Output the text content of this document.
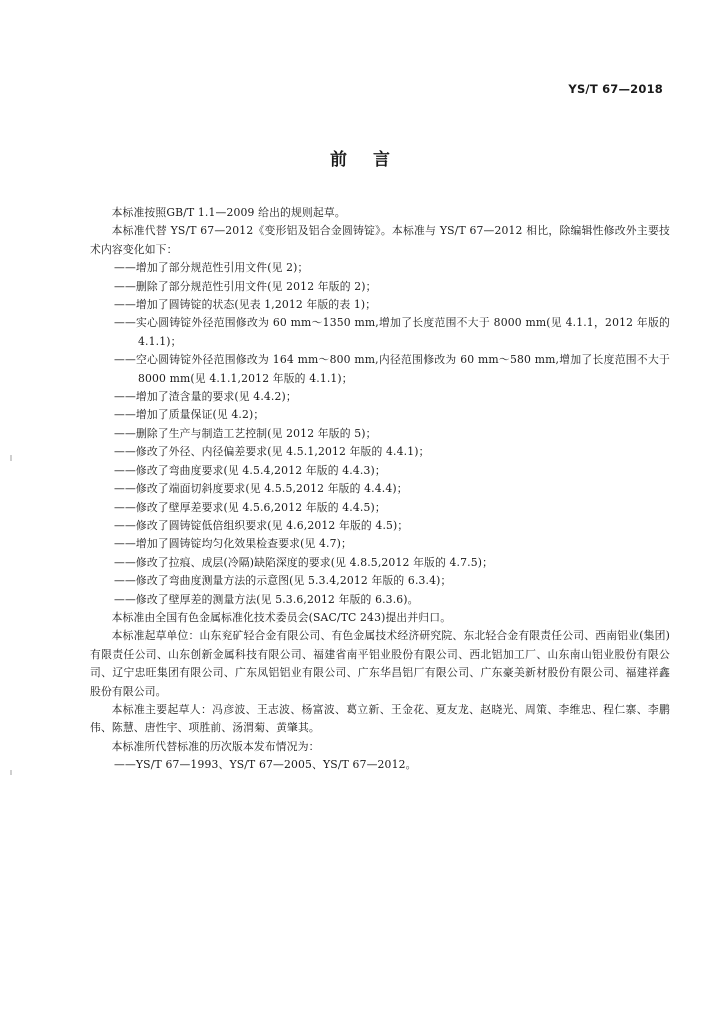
YS/T 67—2018
前言

本标准按照GB/T 1.1—2009 给出的规则起草。

本标准代替 YS/T 67—2012《变形铝及铝合金圆铸锭》。本标准与 YS/T 67—2012 相比，除编辑性修改外主要技术内容变化如下：

——增加了部分规范性引用文件(见 2)；

——删除了部分规范性引用文件(见 2012 年版的 2)；

——增加了圆铸锭的状态(见表 1,2012 年版的表 1)；

——实心圆铸锭外径范围修改为 60 mm～1350 mm,增加了长度范围不大于 8000 mm(见 4.1.1，2012 年版的 4.1.1)；

——空心圆铸锭外径范围修改为 164 mm～800 mm,内径范围修改为 60 mm～580 mm,增加了长度范围不大于 8000 mm(见 4.1.1,2012 年版的 4.1.1)；

——增加了渣含量的要求(见 4.4.2)；

——增加了质量保证(见 4.2)；

——删除了生产与制造工艺控制(见 2012 年版的 5)；

——修改了外径、内径偏差要求(见 4.5.1,2012 年版的 4.4.1)；

——修改了弯曲度要求(见 4.5.4,2012 年版的 4.4.3)；

——修改了端面切斜度要求(见 4.5.5,2012 年版的 4.4.4)；

——修改了壁厚差要求(见 4.5.6,2012 年版的 4.4.5)；

——修改了圆铸锭低倍组织要求(见 4.6,2012 年版的 4.5)；

——增加了圆铸锭均匀化效果检查要求(见 4.7)；

——修改了拉痕、成层(冷隔)缺陷深度的要求(见 4.8.5,2012 年版的 4.7.5)；

——修改了弯曲度测量方法的示意图(见 5.3.4,2012 年版的 6.3.4)；

——修改了壁厚差的测量方法(见 5.3.6,2012 年版的 6.3.6)。

本标准由全国有色金属标准化技术委员会(SAC/TC 243)提出并归口。

本标准起草单位：山东兖矿轻合金有限公司、有色金属技术经济研究院、东北轻合金有限责任公司、西南铝业(集团)有限责任公司、山东创新金属科技有限公司、福建省南平铝业股份有限公司、西北铝加工厂、山东南山铝业股份有限公司、辽宁忠旺集团有限公司、广东凤铝铝业有限公司、广东华昌铝厂有限公司、广东豪美新材股份有限公司、福建祥鑫股份有限公司。

本标准主要起草人：冯彦波、王志波、杨富波、葛立新、王金花、夏友龙、赵晓光、周策、李维忠、程仁寨、李鹏伟、陈慧、唐性宇、项胜前、汤渭菊、黄肇其。

本标准所代替标准的历次版本发布情况为：

——YS/T 67—1993、YS/T 67—2005、YS/T 67—2012。
